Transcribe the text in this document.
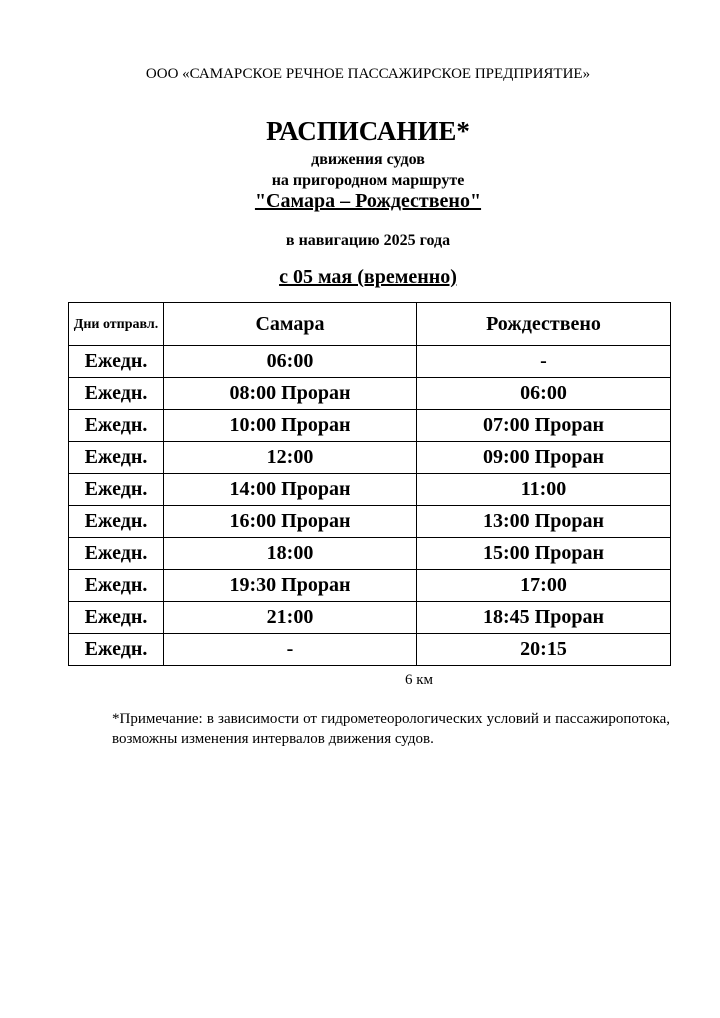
ООО «САМАРСКОЕ РЕЧНОЕ ПАССАЖИРСКОЕ ПРЕДПРИЯТИЕ»
РАСПИСАНИЕ*
движения судов
на пригородном маршруте
"Самара – Рождествено"
в навигацию 2025 года
с 05 мая (временно)
Дни отправл.	Самара	Рождествено
Ежедн.	06:00	-
Ежедн.	08:00 Проран	06:00
Ежедн.	10:00 Проран	07:00 Проран
Ежедн.	12:00	09:00 Проран
Ежедн.	14:00 Проран	11:00
Ежедн.	16:00 Проран	13:00 Проран
Ежедн.	18:00	15:00 Проран
Ежедн.	19:30 Проран	17:00
Ежедн.	21:00	18:45 Проран
Ежедн.	-	20:15
6 км
*Примечание: в зависимости от гидрометеорологических условий и пассажиропотока, возможны изменения интервалов движения судов.
